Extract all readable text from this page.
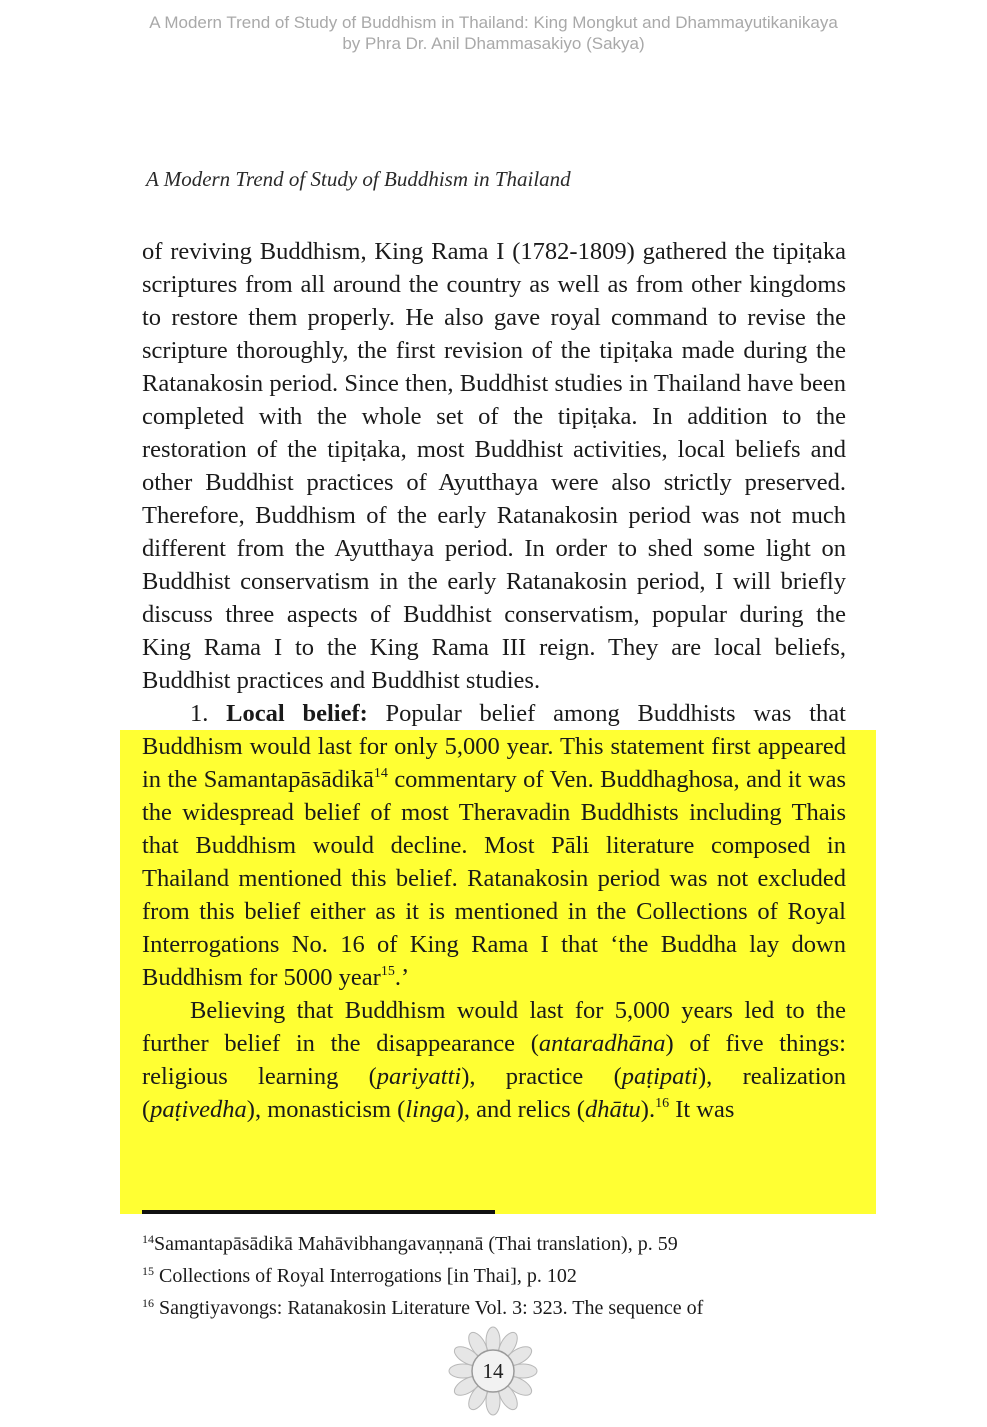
A Modern Trend of Study of Buddhism in Thailand: King Mongkut and Dhammayutikanikaya
by Phra Dr. Anil Dhammasakiyo (Sakya)
A Modern Trend of Study of Buddhism in Thailand

of reviving Buddhism, King Rama I (1782-1809) gathered the tipiṭaka scriptures from all around the country as well as from other kingdoms to restore them properly. He also gave royal command to revise the scripture thoroughly, the first revision of the tipiṭaka made during the Ratanakosin period. Since then, Buddhist studies in Thailand have been completed with the whole set of the tipiṭaka. In addition to the restoration of the tipiṭaka, most Buddhist activities, local beliefs and other Buddhist practices of Ayutthaya were also strictly preserved. Therefore, Buddhism of the early Ratanakosin period was not much different from the Ayutthaya period. In order to shed some light on Buddhist conservatism in the early Ratanakosin period, I will briefly discuss three aspects of Buddhist conservatism, popular during the King Rama I to the King Rama III reign. They are local beliefs, Buddhist practices and Buddhist studies.

1. Local belief: Popular belief among Buddhists was that Buddhism would last for only 5,000 year. This statement first appeared in the Samantapāsādikā$^{14}$ commentary of Ven. Buddhaghosa, and it was the widespread belief of most Theravadin Buddhists including Thais that Buddhism would decline. Most Pāli literature composed in Thailand mentioned this belief. Ratanakosin period was not excluded from this belief either as it is mentioned in the Collections of Royal Interrogations No. 16 of King Rama I that ‘the Buddha lay down Buddhism for 5000 year$^{15}$.’

Believing that Buddhism would last for 5,000 years led to the further belief in the disappearance (antaradhāna) of five things: religious learning (pariyatti), practice (paṭipati), realization (paṭivedha), monasticism (linga), and relics (dhātu).$^{16}$ It was

$^{14}$Samantapāsādikā Mahāvibhangavaṇṇanā (Thai translation), p. 59
$^{15}$ Collections of Royal Interrogations [in Thai], p. 102
$^{16}$ Sangtiyavongs: Ratanakosin Literature Vol. 3: 323. The sequence of
14
